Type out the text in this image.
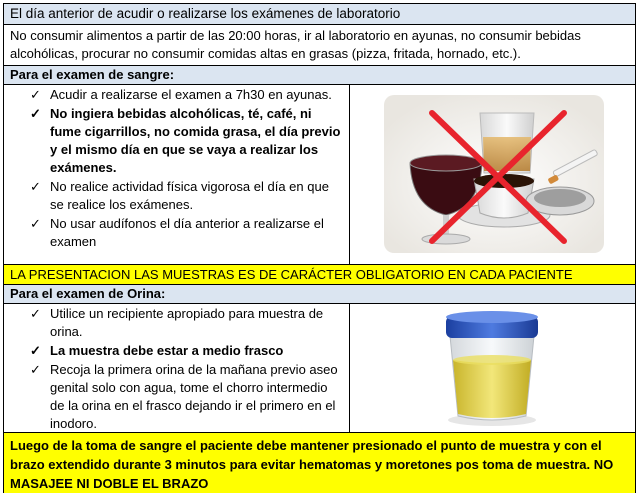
El día anterior de acudir o realizarse los exámenes de laboratorio
No consumir alimentos a partir de las 20:00 horas, ir al laboratorio en ayunas, no consumir bebidas alcohólicas, procurar no consumir comidas altas en grasas (pizza, fritada, hornado, etc.).
Para el examen de sangre:
✓ Acudir a realizarse el examen a 7h30 en ayunas.
✓ No ingiera bebidas alcohólicas, té, café, ni fume cigarrillos, no comida grasa, el día previo y el mismo día en que se vaya a realizar los exámenes.
✓ No realice actividad física vigorosa el día en que se realice los exámenes.
✓ No usar audífonos el día anterior a realizarse el examen
LA PRESENTACION LAS MUESTRAS ES DE CARÁCTER OBLIGATORIO EN CADA PACIENTE
Para el examen de Orina:
✓ Utilice un recipiente apropiado para muestra de orina.
✓ La muestra debe estar a medio frasco
✓ Recoja la primera orina de la mañana previo aseo genital solo con agua, tome el chorro intermedio de la orina en el frasco dejando ir el primero en el inodoro.
Luego de la toma de sangre el paciente debe mantener presionado el punto de muestra y con el brazo extendido durante 3 minutos para evitar hematomas y moretones pos toma de muestra. NO MASAJEE NI DOBLE EL BRAZO
